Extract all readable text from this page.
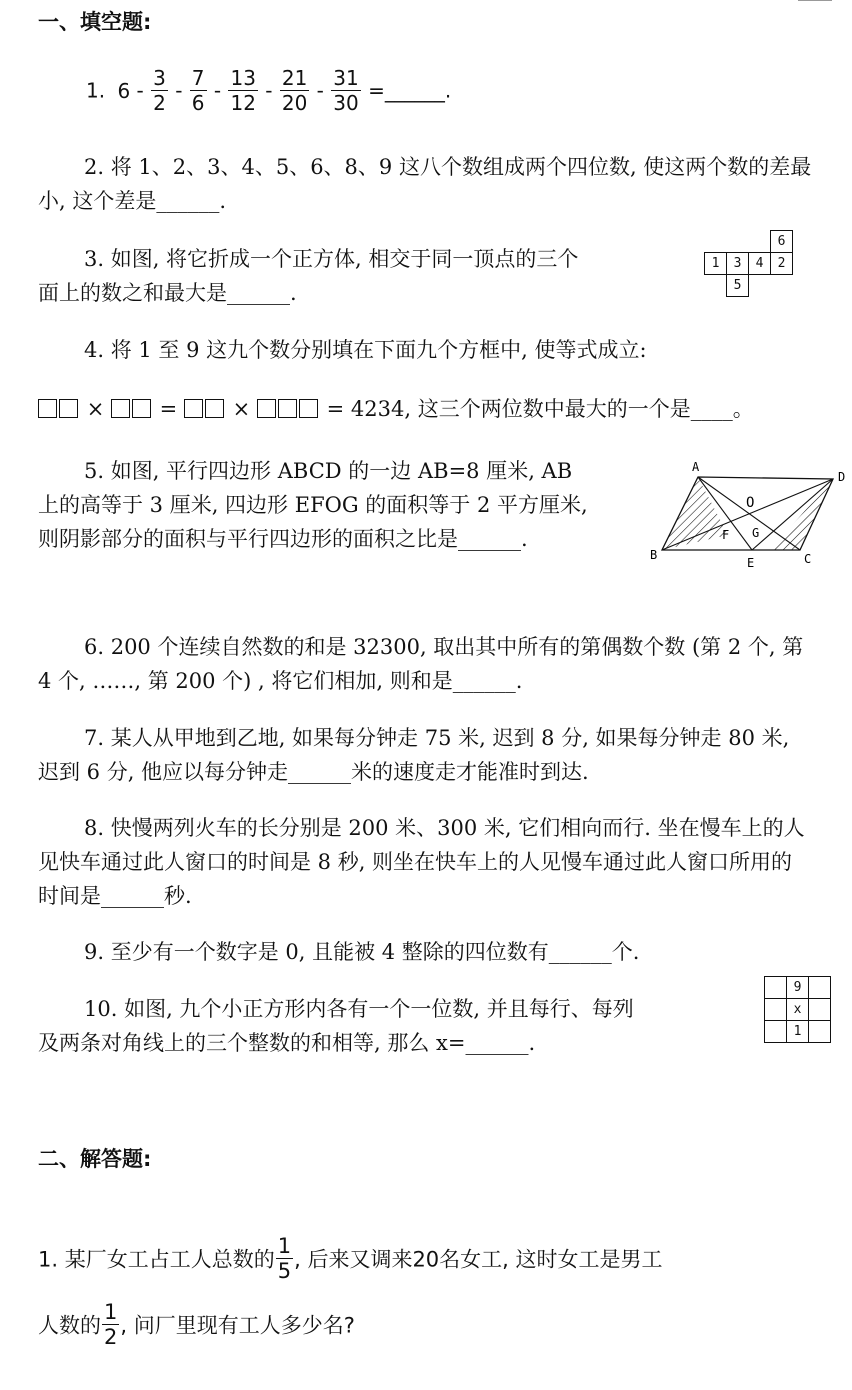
一、填空题:
1. $6 - \frac{3}{2} - \frac{7}{6} - \frac{13}{12} - \frac{21}{20} - \frac{31}{30}$ =______.
2. 将 1、2、3、4、5、6、8、9 这八个数组成两个四位数, 使这两个数的差最小, 这个差是______.
3. 如图, 将它折成一个正方体, 相交于同一顶点的三个
面上的数之和最大是______.
			6
1	3	4	2
	5		
4. 将 1 至 9 这九个数分别填在下面九个方框中, 使等式成立:
×	=	×	= 4234, 这三个两位数中最大的一个是____。
5. 如图, 平行四边形 ABCD 的一边 AB=8 厘米, AB
上的高等于 3 厘米, 四边形 EFOG 的面积等于 2 平方厘米,
则阴影部分的面积与平行四边形的面积之比是______.
A
D
B	C
E
F G
O
6. 200 个连续自然数的和是 32300, 取出其中所有的第偶数个数 (第 2 个, 第 4 个, ……, 第 200 个) , 将它们相加, 则和是______.
7. 某人从甲地到乙地, 如果每分钟走 75 米, 迟到 8 分, 如果每分钟走 80 米, 迟到 6 分, 他应以每分钟走______米的速度走才能准时到达.
8. 快慢两列火车的长分别是 200 米、300 米, 它们相向而行. 坐在慢车上的人见快车通过此人窗口的时间是 8 秒, 则坐在快车上的人见慢车通过此人窗口所用的时间是______秒.
9. 至少有一个数字是 0, 且能被 4 整除的四位数有______个.
10. 如图, 九个小正方形内各有一个一位数, 并且每行、每列
及两条对角线上的三个整数的和相等, 那么 x=______.
	9	
	x	
	1	
二、解答题:
1. 某厂女工占工人总数的 $\frac{1}{5}$ , 后来又调来20名女工, 这时女工是男工
人数的 $\frac{1}{2}$ , 问厂里现有工人多少名?
